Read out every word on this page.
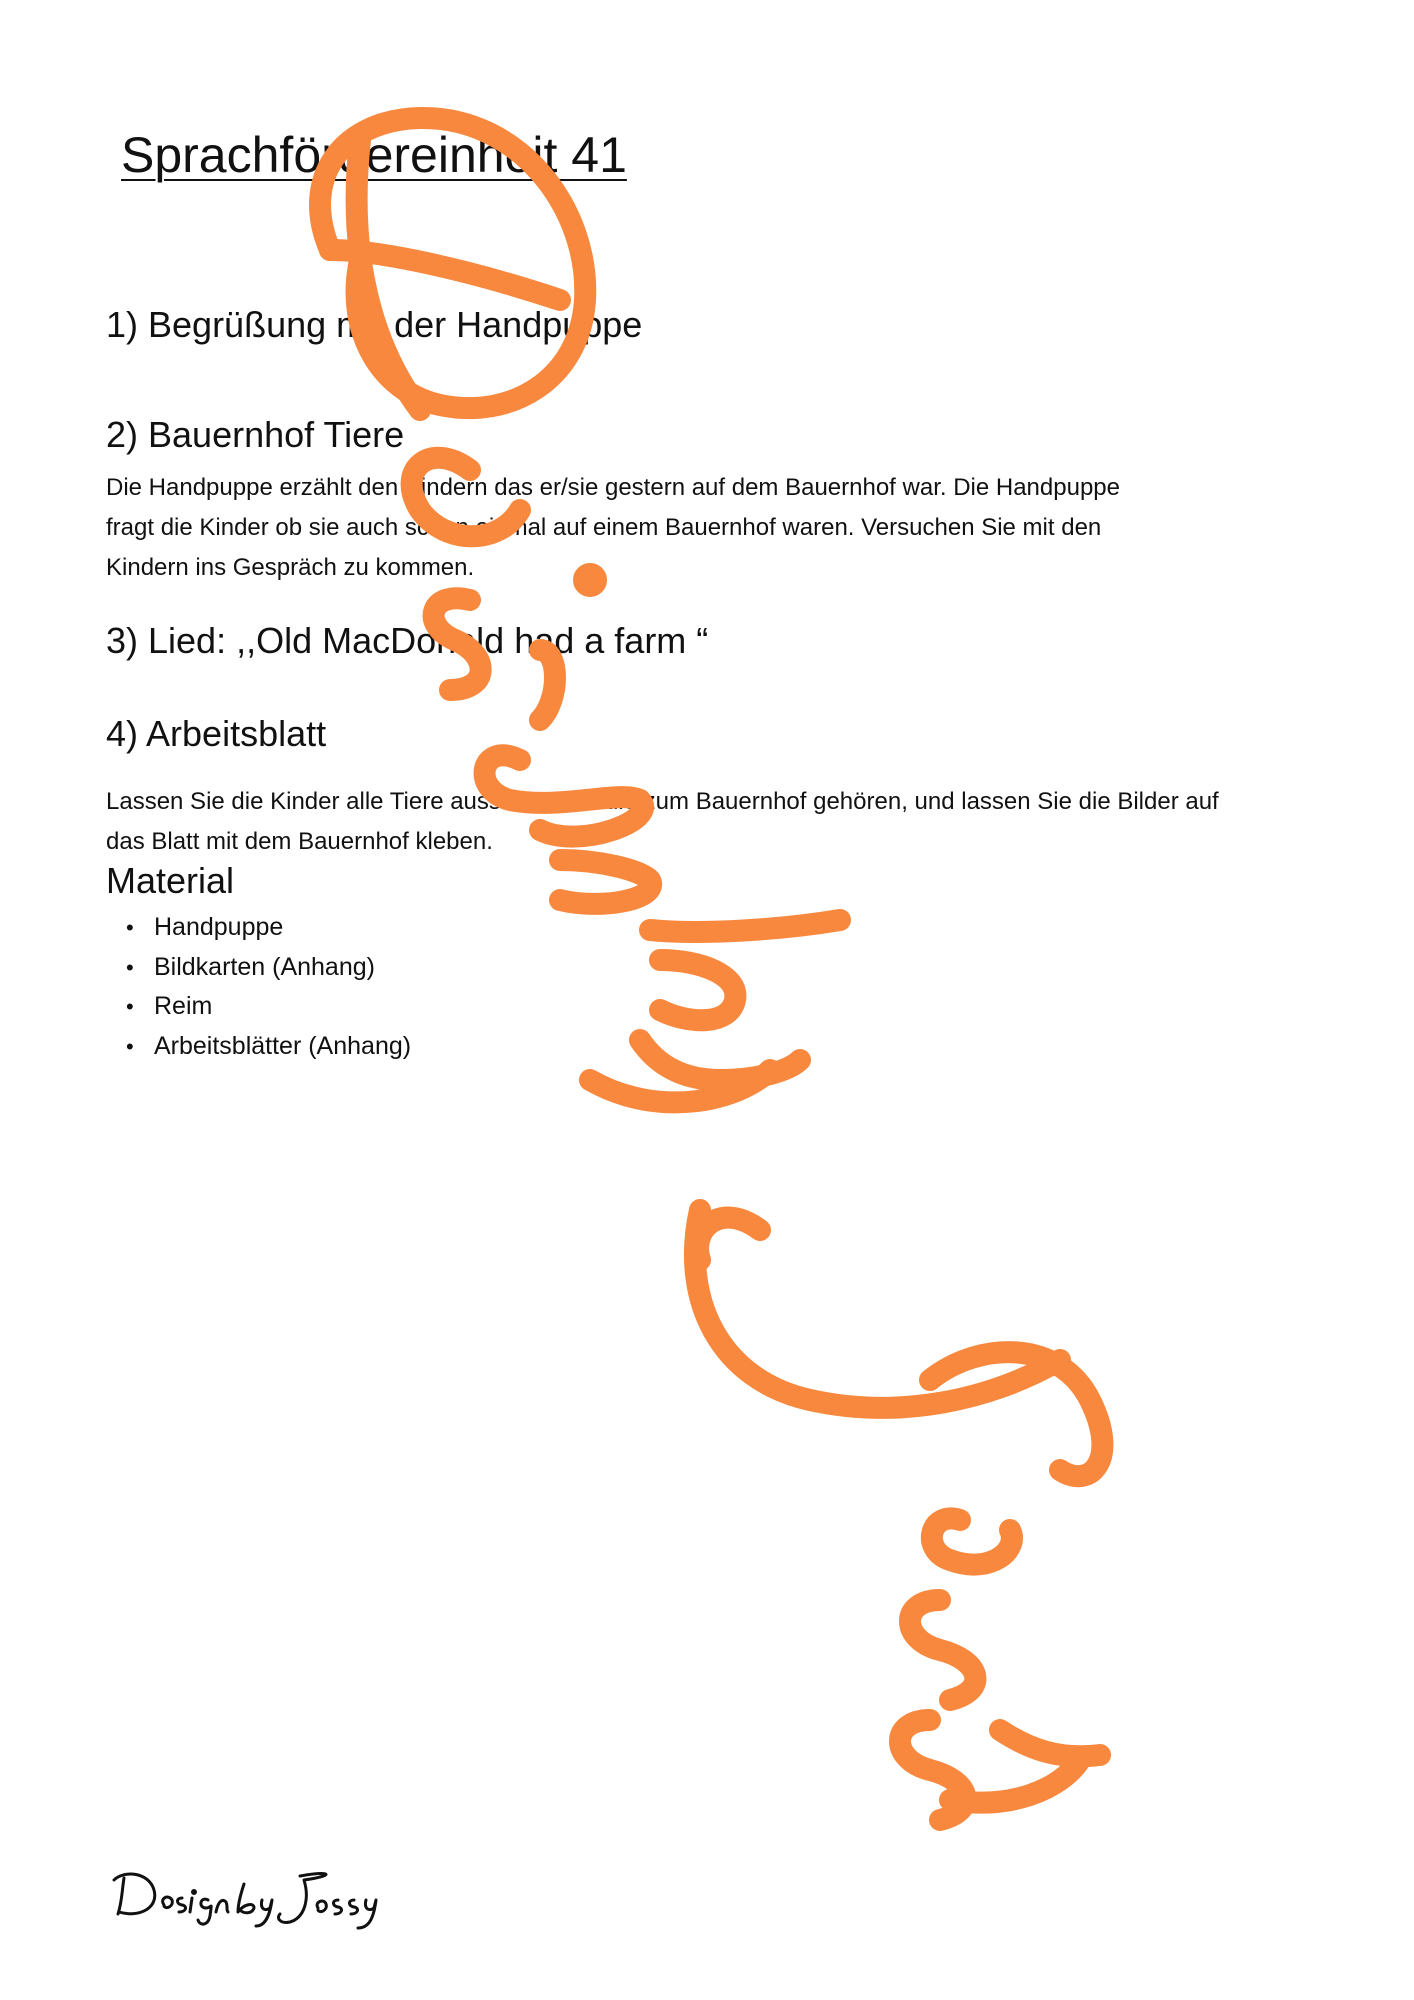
Sprachfördereinheit 41
1) Begrüßung mit der Handpuppe
2) Bauernhof Tiere
Die Handpuppe erzählt den Kindern das er/sie gestern auf dem Bauernhof war. Die Handpuppe
fragt die Kinder ob sie auch schon einmal auf einem Bauernhof waren. Versuchen Sie mit den
Kindern ins Gespräch zu kommen.
3) Lied: ,,Old MacDonald had a farm “
4) Arbeitsblatt
Lassen Sie die Kinder alle Tiere ausschneiden die zum Bauernhof gehören, und lassen Sie die Bilder auf
das Blatt mit dem Bauernhof kleben.
Material
• Handpuppe
• Bildkarten (Anhang)
• Reim
• Arbeitsblätter (Anhang)
